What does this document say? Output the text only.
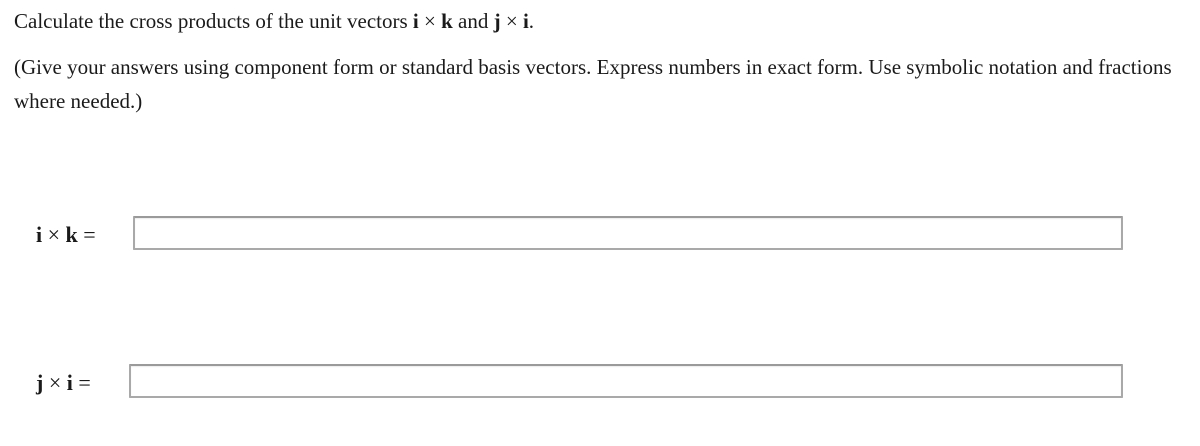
Calculate the cross products of the unit vectors i × k and j × i.
(Give your answers using component form or standard basis vectors. Express numbers in exact form. Use symbolic notation and fractions where needed.)
i × k =
j × i =
